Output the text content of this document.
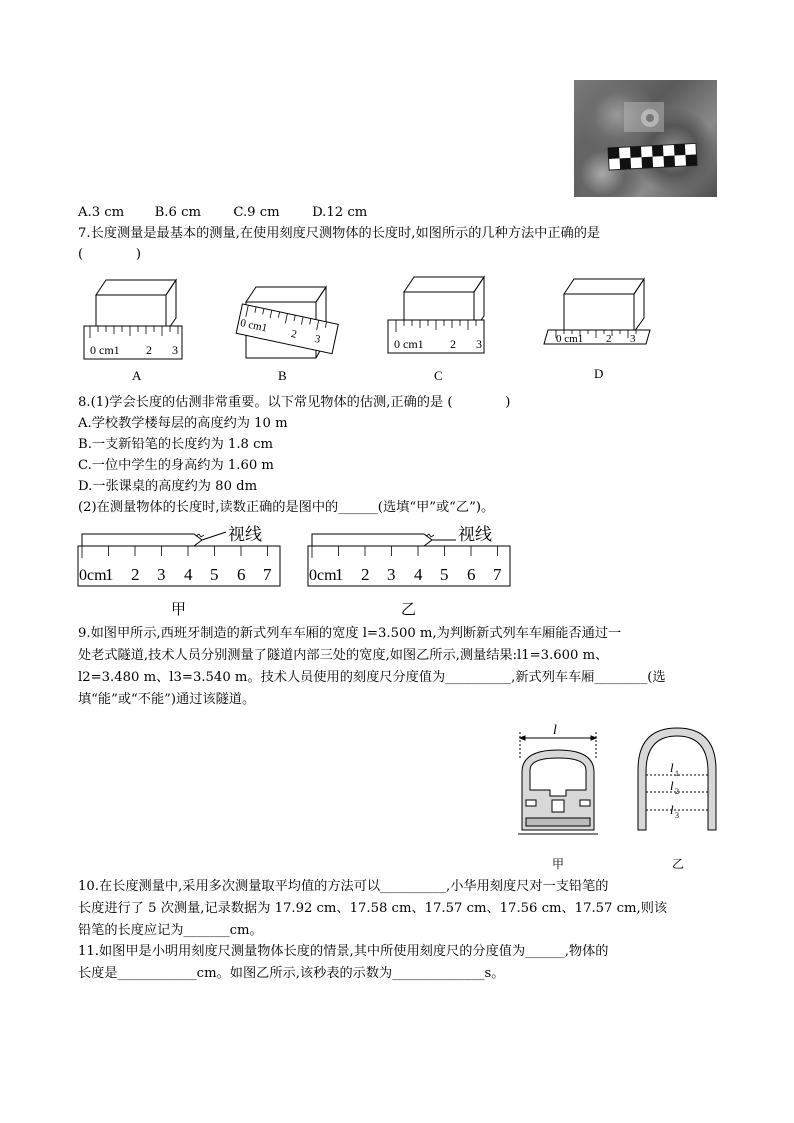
A.3 cm B.6 cm C.9 cm D.12 cm
7.长度测量是最基本的测量,在使用刻度尺测物体的长度时,如图所示的几种方法中正确的是
(　　　　)
0 cm1 2 3	0 cm1 2 3	0 cm1 2 3
0 cm1 2 3
A	B	C	D
8.(1)学会长度的估测非常重要。以下常见物体的估测,正确的是 (　　　　)
A.学校教学楼每层的高度约为 10 m
B.一支新铅笔的长度约为 1.8 cm
C.一位中学生的身高约为 1.60 m
D.一张课桌的高度约为 80 dm
(2)在测量物体的长度时,读数正确的是图中的______(选填“甲”或“乙”)。
视线	视线
0cm
1 2 3 4 5 6 7 0cm
1 2 3 4 5 6 7
甲	乙
9.如图甲所示,西班牙制造的新式列车车厢的宽度 l=3.500 m,为判断新式列车车厢能否通过一
处老式隧道,技术人员分别测量了隧道内部三处的宽度,如图乙所示,测量结果:l1=3.600 m、
l2=3.480 m、l3=3.540 m。技术人员使用的刻度尺分度值为__________,新式列车车厢________(选
填“能”或“不能”)通过该隧道。
l
l 1
l 2
l 3
甲	乙
10.在长度测量中,采用多次测量取平均值的方法可以__________,小华用刻度尺对一支铅笔的
长度进行了 5 次测量,记录数据为 17.92 cm、17.58 cm、17.57 cm、17.56 cm、17.57 cm,则该
铅笔的长度应记为_______cm。
11.如图甲是小明用刻度尺测量物体长度的情景,其中所使用刻度尺的分度值为______,物体的
长度是____________cm。如图乙所示,该秒表的示数为______________s。
